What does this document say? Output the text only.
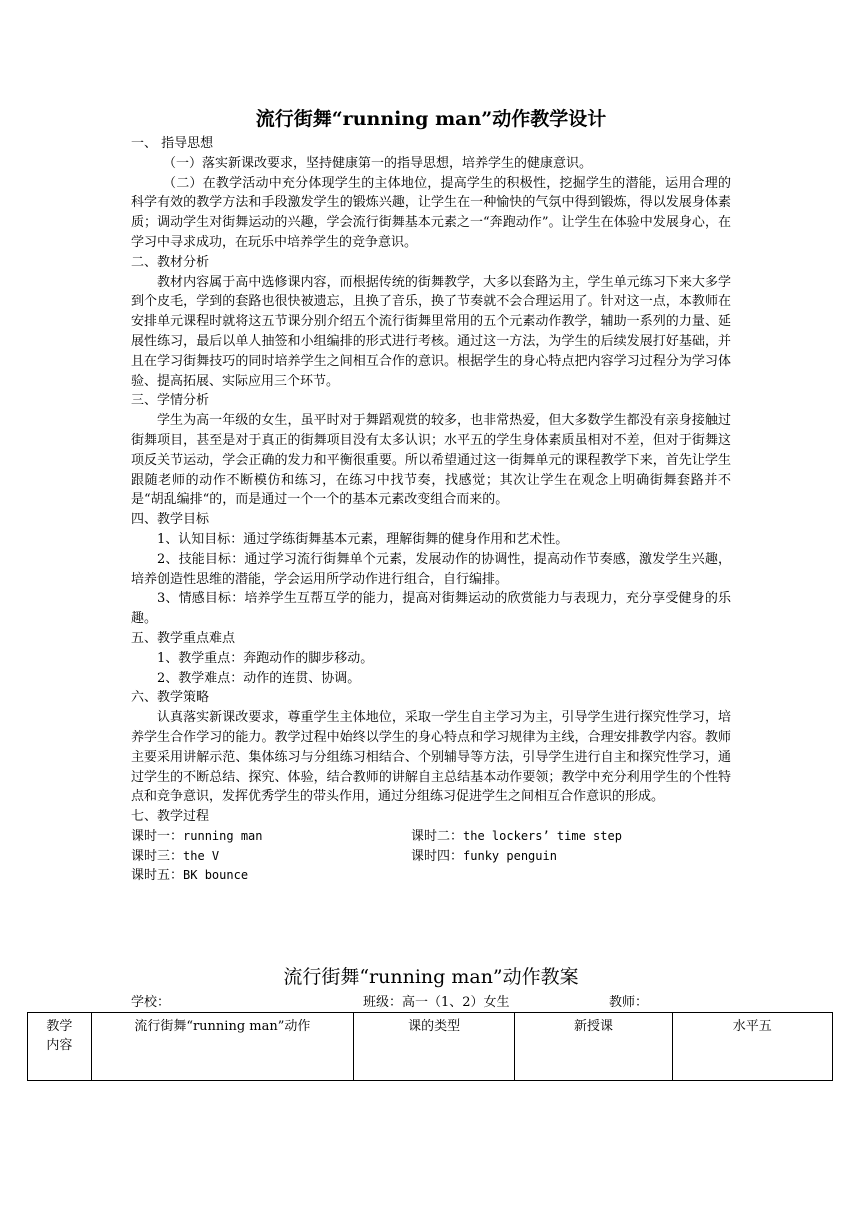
流行街舞“running man”动作教学设计
一、 指导思想

（一）落实新课改要求，坚持健康第一的指导思想，培养学生的健康意识。

（二）在教学活动中充分体现学生的主体地位，提高学生的积极性，挖掘学生的潜能，运用合理的科学有效的教学方法和手段激发学生的锻炼兴趣，让学生在一种愉快的气氛中得到锻炼，得以发展身体素质；调动学生对街舞运动的兴趣，学会流行街舞基本元素之一“奔跑动作”。让学生在体验中发展身心，在学习中寻求成功，在玩乐中培养学生的竞争意识。

二、教材分析

教材内容属于高中选修课内容，而根据传统的街舞教学，大多以套路为主，学生单元练习下来大多学到个皮毛，学到的套路也很快被遗忘，且换了音乐，换了节奏就不会合理运用了。针对这一点，本教师在安排单元课程时就将这五节课分别介绍五个流行街舞里常用的五个元素动作教学，辅助一系列的力量、延展性练习，最后以单人抽签和小组编排的形式进行考核。通过这一方法，为学生的后续发展打好基础，并且在学习街舞技巧的同时培养学生之间相互合作的意识。根据学生的身心特点把内容学习过程分为学习体验、提高拓展、实际应用三个环节。

三、学情分析

学生为高一年级的女生，虽平时对于舞蹈观赏的较多，也非常热爱，但大多数学生都没有亲身接触过街舞项目，甚至是对于真正的街舞项目没有太多认识；水平五的学生身体素质虽相对不差，但对于街舞这项反关节运动，学会正确的发力和平衡很重要。所以希望通过这一街舞单元的课程教学下来，首先让学生跟随老师的动作不断模仿和练习，在练习中找节奏，找感觉；其次让学生在观念上明确街舞套路并不是“胡乱编排“的，而是通过一个一个的基本元素改变组合而来的。

四、教学目标

1、认知目标：通过学练街舞基本元素，理解街舞的健身作用和艺术性。

2、技能目标：通过学习流行街舞单个元素，发展动作的协调性，提高动作节奏感，激发学生兴趣，培养创造性思维的潜能，学会运用所学动作进行组合，自行编排。

3、情感目标：培养学生互帮互学的能力，提高对街舞运动的欣赏能力与表现力，充分享受健身的乐趣。

五、教学重点难点

1、教学重点：奔跑动作的脚步移动。

2、教学难点：动作的连贯、协调。

六、教学策略

认真落实新课改要求，尊重学生主体地位，采取一学生自主学习为主，引导学生进行探究性学习，培养学生合作学习的能力。教学过程中始终以学生的身心特点和学习规律为主线，合理安排教学内容。教师主要采用讲解示范、集体练习与分组练习相结合、个别辅导等方法，引导学生进行自主和探究性学习，通过学生的不断总结、探究、体验，结合教师的讲解自主总结基本动作要领；教学中充分利用学生的个性特点和竞争意识，发挥优秀学生的带头作用，通过分组练习促进学生之间相互合作意识的形成。

七、教学过程
课时一：running man	课时二：the lockers’ time step
课时三：the V	课时四：funky penguin
课时五：BK bounce
流行街舞“running man”动作教案
学校：	班级：高一（1、2）女生	教师：
教学
内容	流行街舞“running man”动作	课的类型	新授课	水平五
